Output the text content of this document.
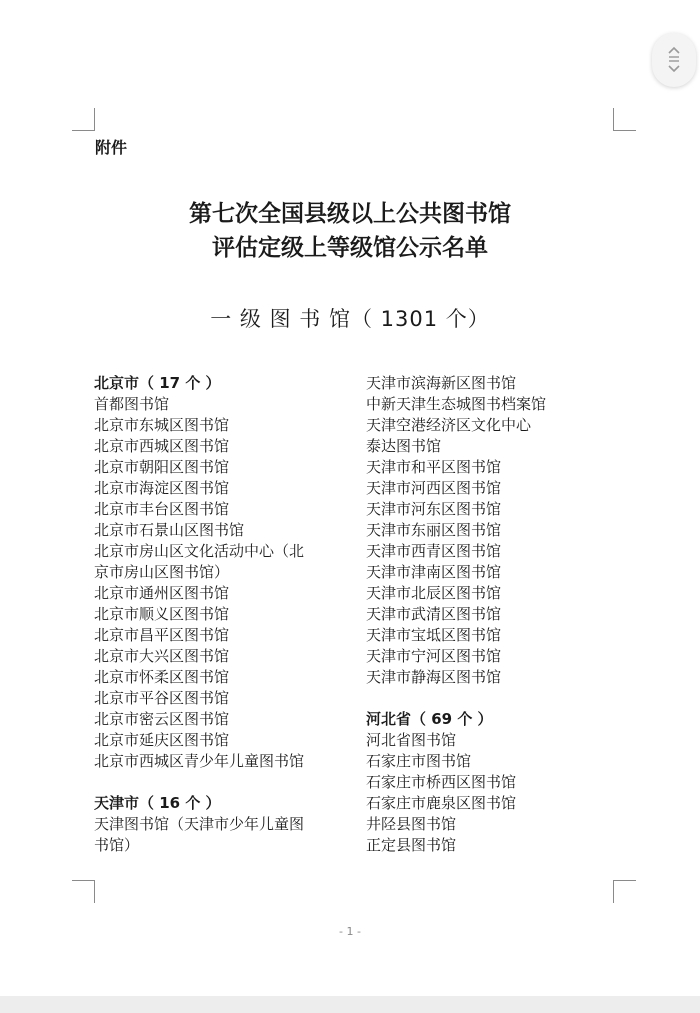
附件
第七次全国县级以上公共图书馆
评估定级上等级馆公示名单
一 级 图 书 馆（ 1301 个）
北京市（ 17 个 ）
首都图书馆
北京市东城区图书馆
北京市西城区图书馆
北京市朝阳区图书馆
北京市海淀区图书馆
北京市丰台区图书馆
北京市石景山区图书馆
北京市房山区文化活动中心（北
京市房山区图书馆）
北京市通州区图书馆
北京市顺义区图书馆
北京市昌平区图书馆
北京市大兴区图书馆
北京市怀柔区图书馆
北京市平谷区图书馆
北京市密云区图书馆
北京市延庆区图书馆
北京市西城区青少年儿童图书馆
天津市（ 16 个 ）
天津图书馆（天津市少年儿童图
书馆）
天津市滨海新区图书馆
中新天津生态城图书档案馆
天津空港经济区文化中心
泰达图书馆
天津市和平区图书馆
天津市河西区图书馆
天津市河东区图书馆
天津市东丽区图书馆
天津市西青区图书馆
天津市津南区图书馆
天津市北辰区图书馆
天津市武清区图书馆
天津市宝坻区图书馆
天津市宁河区图书馆
天津市静海区图书馆
河北省（ 69 个 ）
河北省图书馆
石家庄市图书馆
石家庄市桥西区图书馆
石家庄市鹿泉区图书馆
井陉县图书馆
正定县图书馆
- 1 -
